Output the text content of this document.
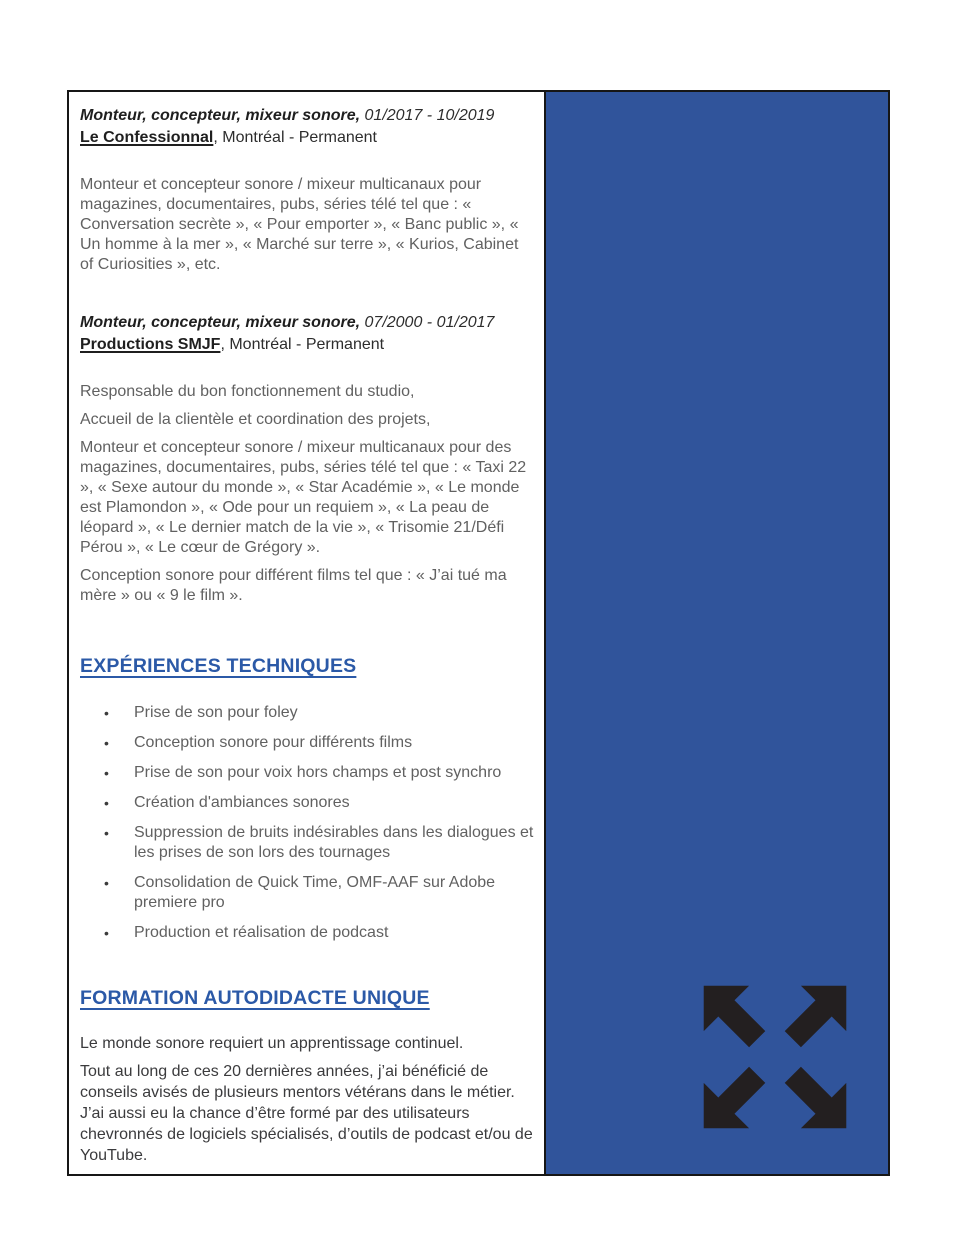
Monteur, concepteur, mixeur sonore, 01/2017 - 10/2019

Le Confessionnal, Montréal - Permanent

Monteur et concepteur sonore / mixeur multicanaux pour magazines, documentaires, pubs, séries télé tel que : « Conversation secrète », « Pour emporter », « Banc public », « Un homme à la mer », « Marché sur terre », « Kurios, Cabinet of Curiosities », etc.

Monteur, concepteur, mixeur sonore, 07/2000 - 01/2017

Productions SMJF, Montréal - Permanent

Responsable du bon fonctionnement du studio,

Accueil de la clientèle et coordination des projets,

Monteur et concepteur sonore / mixeur multicanaux pour des magazines, documentaires, pubs, séries télé tel que : « Taxi 22 », « Sexe autour du monde », « Star Académie », « Le monde est Plamondon », « Ode pour un requiem », « La peau de léopard », « Le dernier match de la vie », « Trisomie 21/Défi Pérou », « Le cœur de Grégory ».

Conception sonore pour différent films tel que : « J’ai tué ma mère » ou « 9 le film ».

EXPÉRIENCES TECHNIQUES
•	Prise de son pour foley
•	Conception sonore pour différents films
•	Prise de son pour voix hors champs et post synchro
•	Création d'ambiances sonores
•	Suppression de bruits indésirables dans les dialogues et les prises de son lors des tournages
•	Consolidation de Quick Time, OMF-AAF sur Adobe premiere pro
•	Production et réalisation de podcast
FORMATION AUTODIDACTE UNIQUE

Le monde sonore requiert un apprentissage continuel.

Tout au long de ces 20 dernières années, j’ai bénéficié de conseils avisés de plusieurs mentors vétérans dans le métier. J’ai aussi eu la chance d’être formé par des utilisateurs chevronnés de logiciels spécialisés, d’outils de podcast et/ou de YouTube.
